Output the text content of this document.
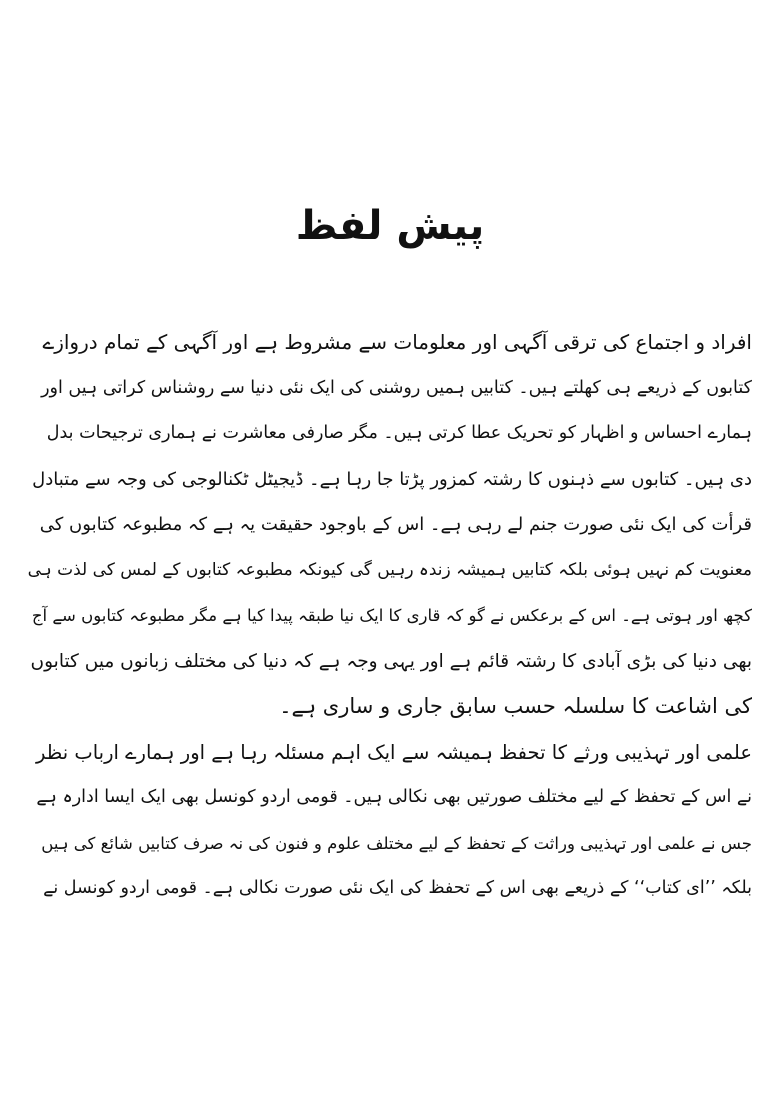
پیش لفظ
افراد و اجتماع کی ترقی آگہی اور معلومات سے مشروط ہے اور آگہی کے تمام دروازے
کتابوں کے ذریعے ہی کھلتے ہیں۔ کتابیں ہمیں روشنی کی ایک نئی دنیا سے روشناس کراتی ہیں اور
ہمارے احساس و اظہار کو تحریک عطا کرتی ہیں۔ مگر صارفی معاشرت نے ہماری ترجیحات بدل
دی ہیں۔ کتابوں سے ذہنوں کا رشتہ کمزور پڑتا جا رہا ہے۔ ڈیجیٹل ٹکنالوجی کی وجہ سے متبادل
قرأت کی ایک نئی صورت جنم لے رہی ہے۔ اس کے باوجود حقیقت یہ ہے کہ مطبوعہ کتابوں کی
معنویت کم نہیں ہوئی بلکہ کتابیں ہمیشہ زندہ رہیں گی کیونکہ مطبوعہ کتابوں کے لمس کی لذت ہی
کچھ اور ہوتی ہے۔ اس کے برعکس نے گو کہ قاری کا ایک نیا طبقہ پیدا کیا ہے مگر مطبوعہ کتابوں سے آج
بھی دنیا کی بڑی آبادی کا رشتہ قائم ہے اور یہی وجہ ہے کہ دنیا کی مختلف زبانوں میں کتابوں
کی اشاعت کا سلسلہ حسب سابق جاری و ساری ہے۔
علمی اور تہذیبی ورثے کا تحفظ ہمیشہ سے ایک اہم مسئلہ رہا ہے اور ہمارے ارباب نظر
نے اس کے تحفظ کے لیے مختلف صورتیں بھی نکالی ہیں۔ قومی اردو کونسل بھی ایک ایسا ادارہ ہے
جس نے علمی اور تہذیبی وراثت کے تحفظ کے لیے مختلف علوم و فنون کی نہ صرف کتابیں شائع کی ہیں
بلکہ ’’ای کتاب‘‘ کے ذریعے بھی اس کے تحفظ کی ایک نئی صورت نکالی ہے۔ قومی اردو کونسل نے
